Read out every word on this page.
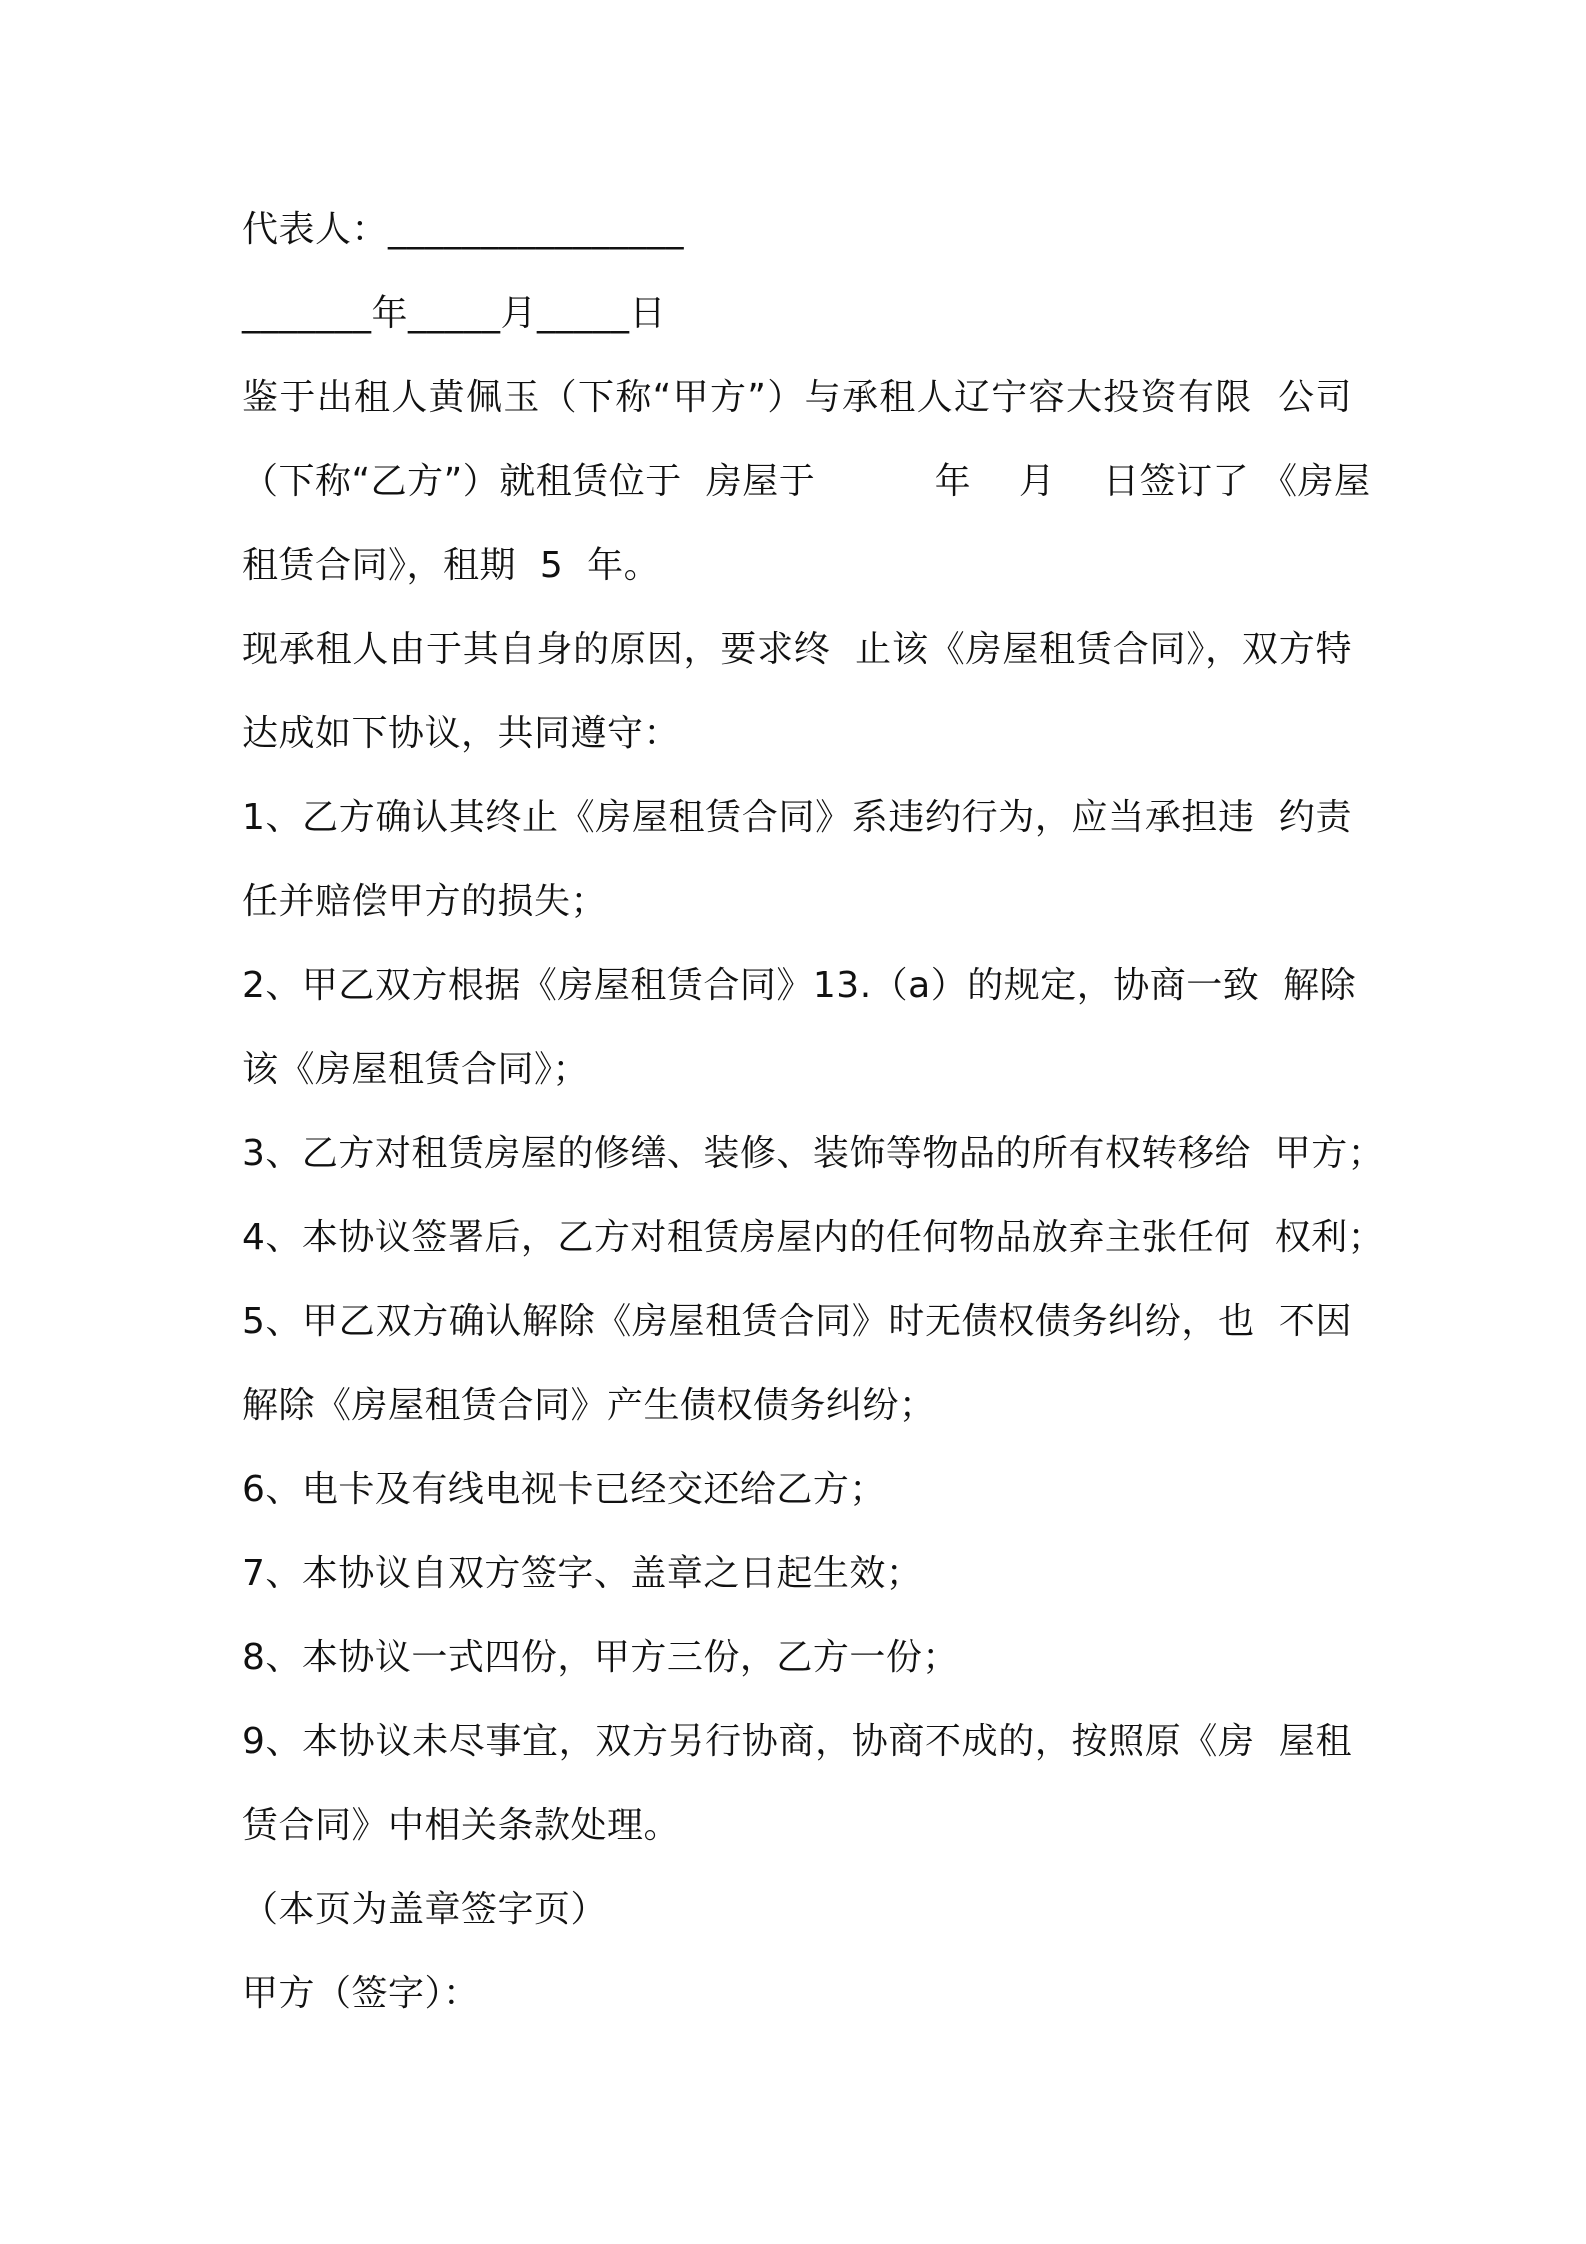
代表人：________________
_______年_____月_____日
鉴于出租人黄佩玉（下称“甲方”）与承租人辽宁容大投资有限  公司
（下称“乙方”）就租赁位于  房屋于          年    月    日签订了 《房屋
租赁合同》，租期  5  年。
现承租人由于其自身的原因，要求终  止该《房屋租赁合同》，双方特
达成如下协议，共同遵守：
1、乙方确认其终止《房屋租赁合同》系违约行为，应当承担违  约责
任并赔偿甲方的损失；
2、甲乙双方根据《房屋租赁合同》13.（a）的规定，协商一致  解除
该《房屋租赁合同》；
3、乙方对租赁房屋的修缮、装修、装饰等物品的所有权转移给  甲方；
4、本协议签署后，乙方对租赁房屋内的任何物品放弃主张任何  权利；
5、甲乙双方确认解除《房屋租赁合同》时无债权债务纠纷，也  不因
解除《房屋租赁合同》产生债权债务纠纷；
6、电卡及有线电视卡已经交还给乙方；
7、本协议自双方签字、盖章之日起生效；
8、本协议一式四份，甲方三份，乙方一份；
9、本协议未尽事宜，双方另行协商，协商不成的，按照原《房  屋租
赁合同》中相关条款处理。
（本页为盖章签字页）
甲方（签字）：
